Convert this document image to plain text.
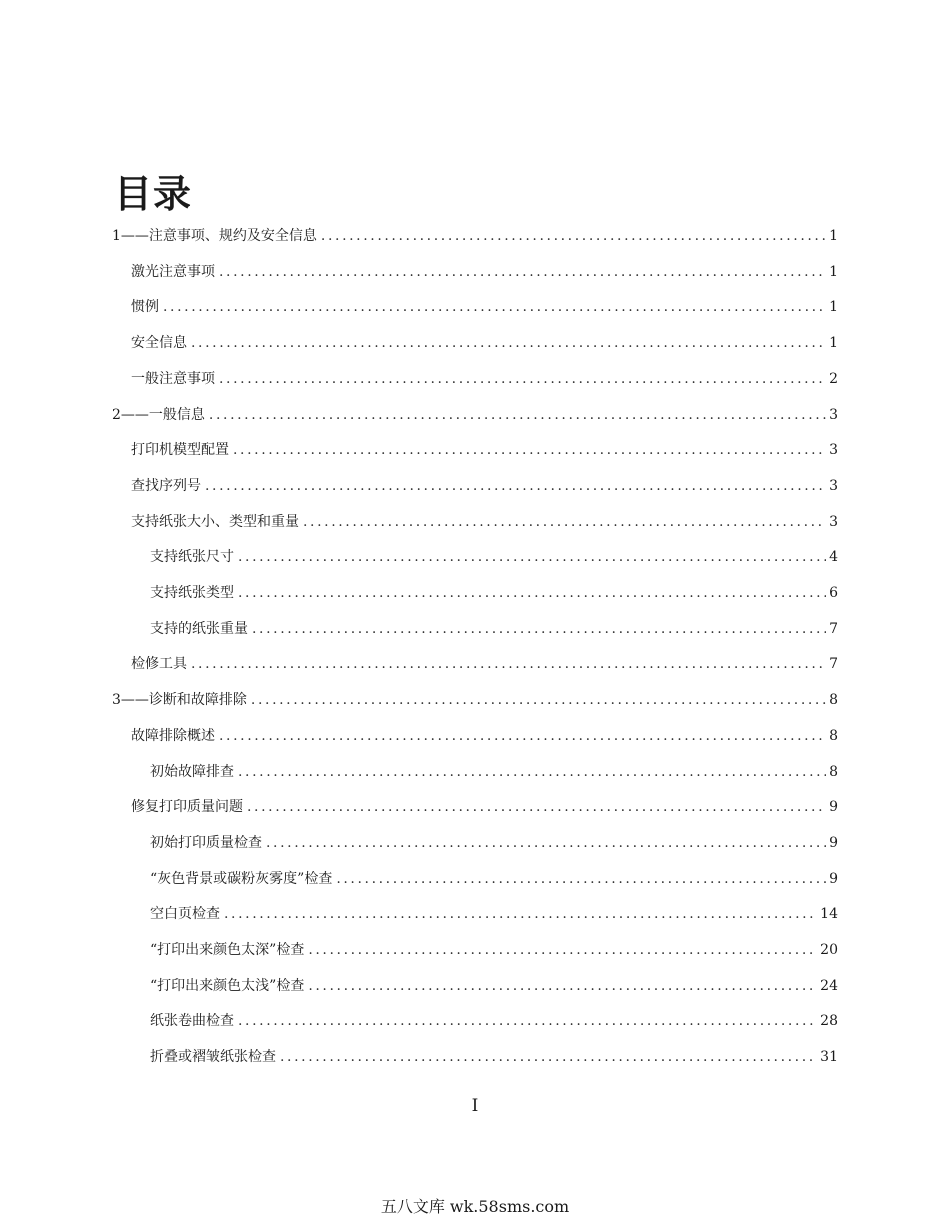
目录
1——注意事项、规约及安全信息 .....	1
激光注意事项 .....	1
惯例 .....	1
安全信息 .....	1
一般注意事项 .....	2
2——一般信息 .....	3
打印机模型配置 .....	3
查找序列号 .....	3
支持纸张大小、类型和重量 .....	3
支持纸张尺寸 .....	4
支持纸张类型 .....	6
支持的纸张重量 .....	7
检修工具 .....	7
3——诊断和故障排除 .....	8
故障排除概述 .....	8
初始故障排查 .....	8
修复打印质量问题 .....	9
初始打印质量检查 .....	9
“灰色背景或碳粉灰雾度”检查 .....	9
空白页检查 .....	14
“打印出来颜色太深”检查 .....	20
“打印出来颜色太浅”检查 .....	24
纸张卷曲检查 .....	28
折叠或褶皱纸张检查 .....	31
I
五八文库 wk.58sms.com
